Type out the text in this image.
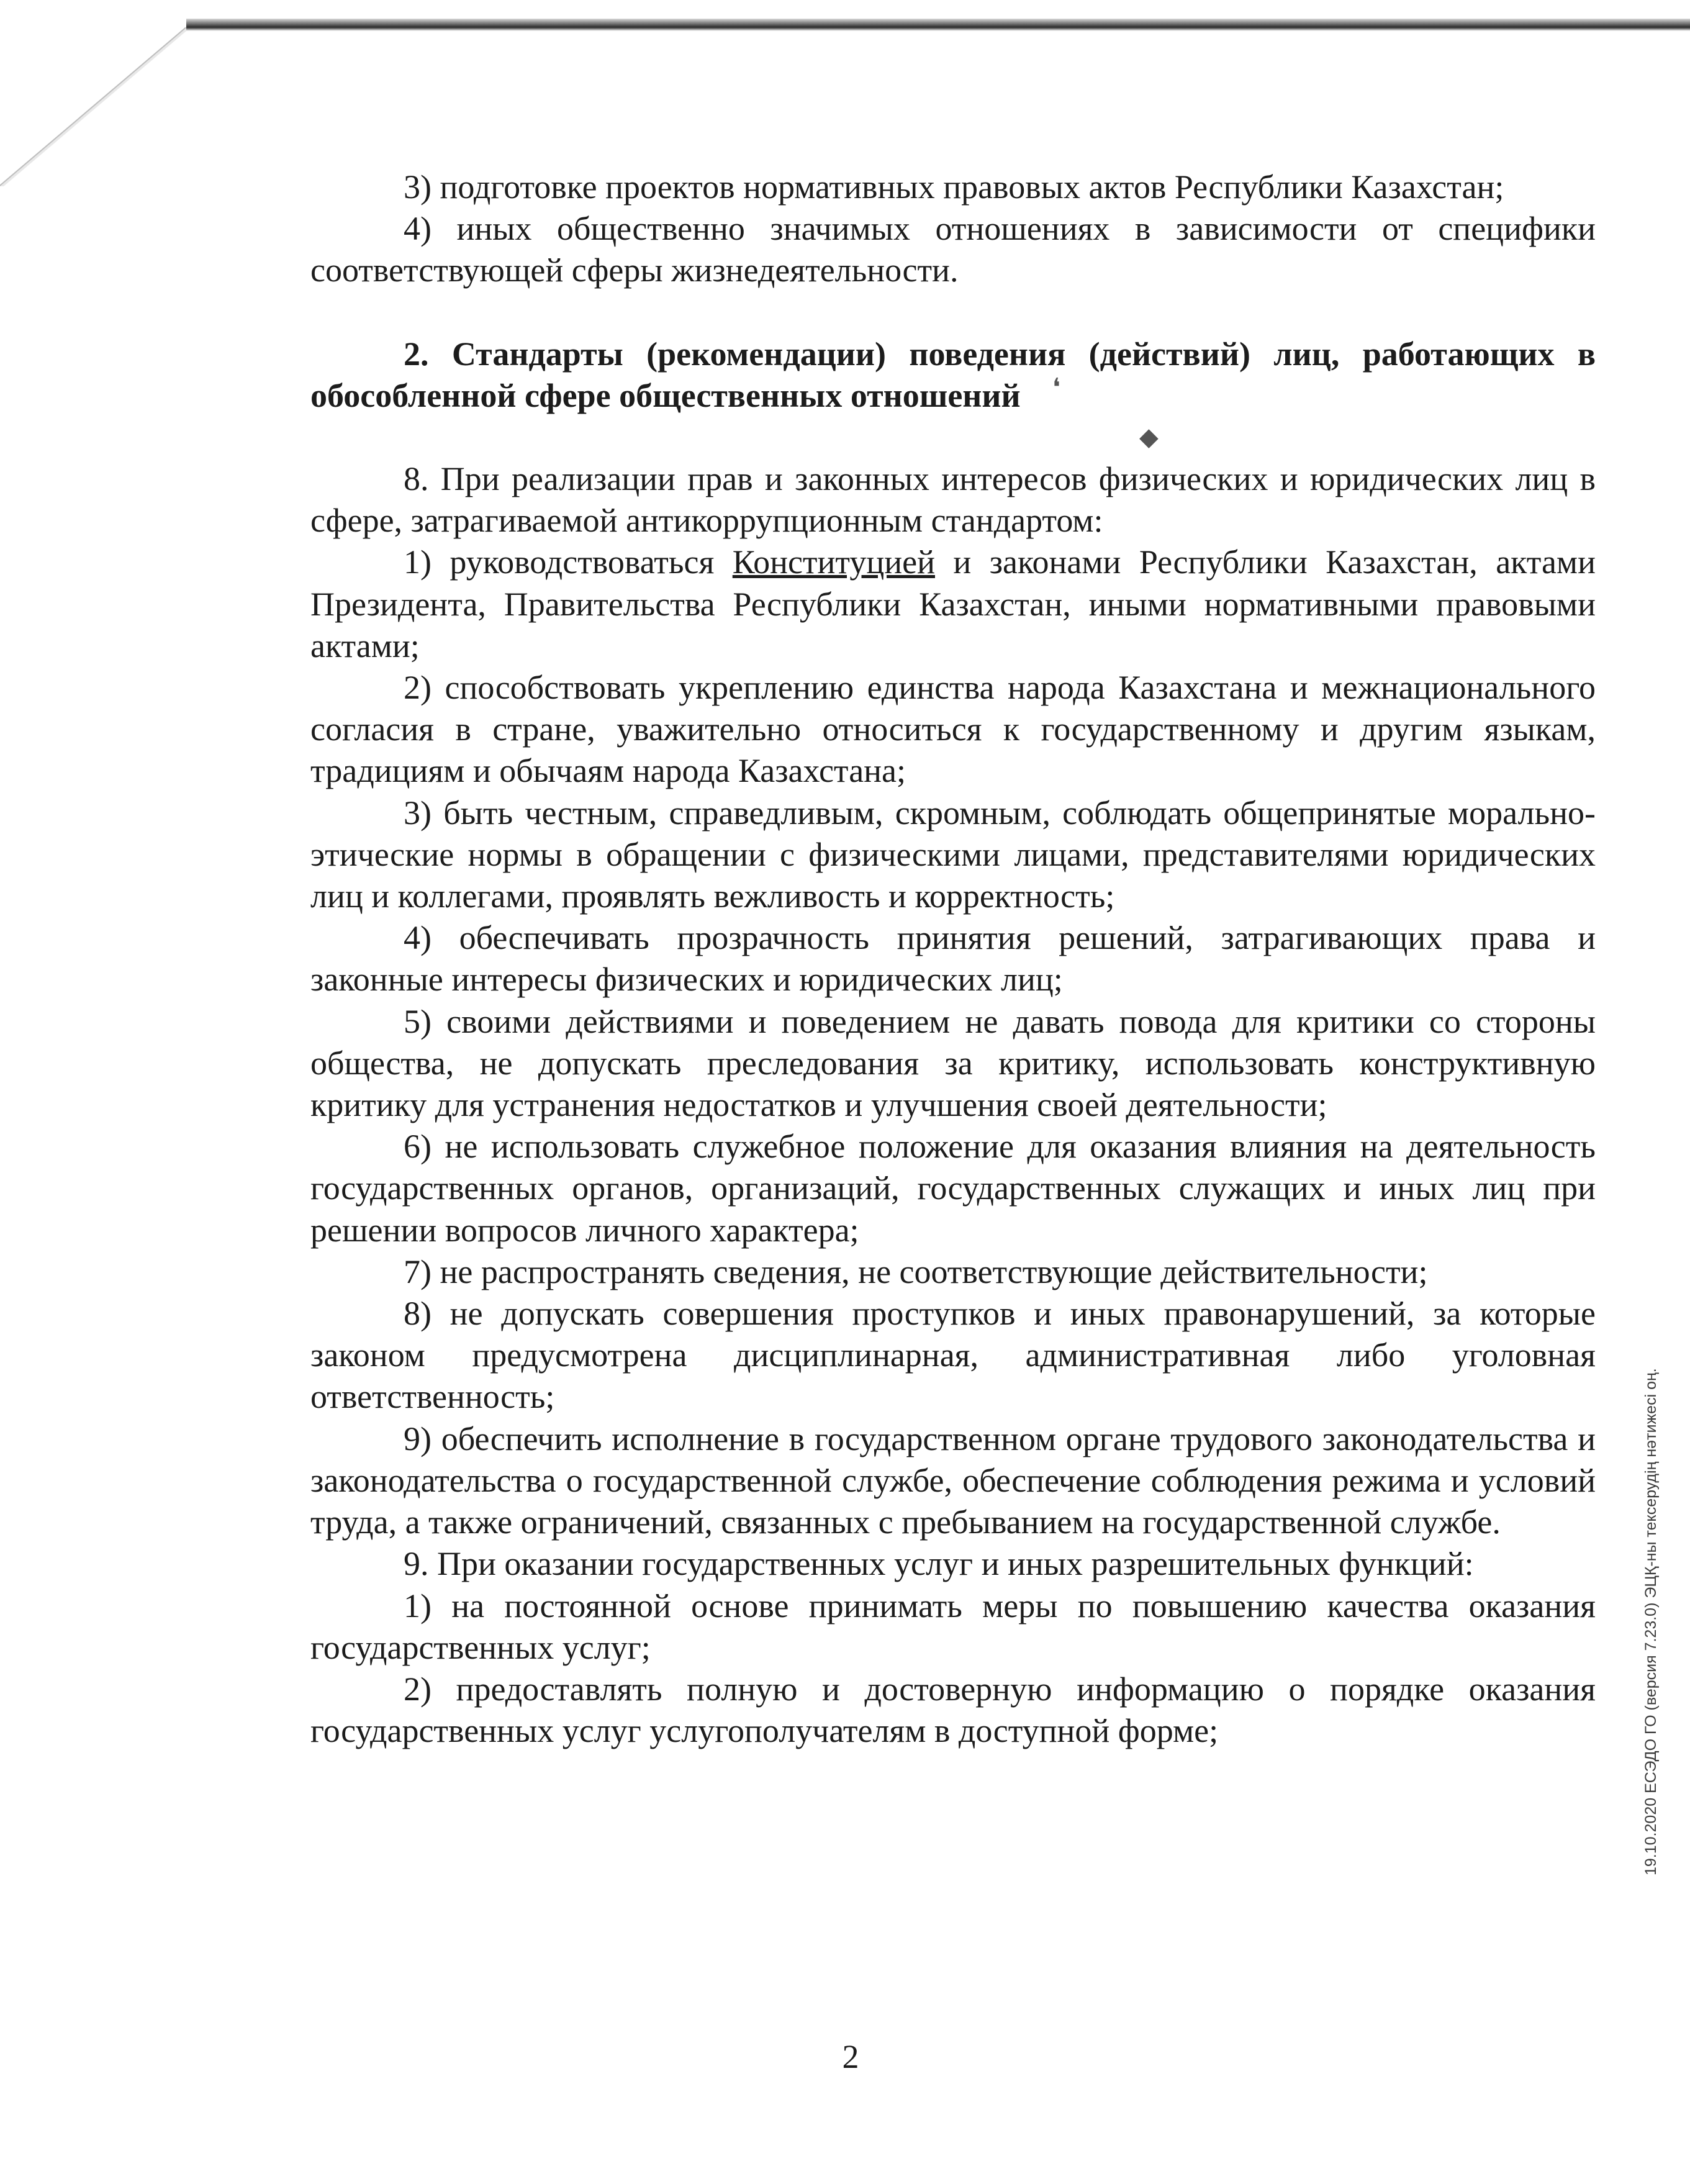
3) подготовке проектов нормативных правовых актов Республики Казахстан;

4) иных общественно значимых отношениях в зависимости от специфики соответствующей сферы жизнедеятельности.

2. Стандарты (рекомендации) поведения (действий) лиц, работающих в обособленной сфере общественных отношений

8. При реализации прав и законных интересов физических и юридических лиц в сфере, затрагиваемой антикоррупционным стандартом:

1) руководствоваться Конституцией и законами Республики Казахстан, актами Президента, Правительства Республики Казахстан, иными нормативными правовыми актами;

2) способствовать укреплению единства народа Казахстана и межнационального согласия в стране, уважительно относиться к государственному и другим языкам, традициям и обычаям народа Казахстана;

3) быть честным, справедливым, скромным, соблюдать общепринятые морально-этические нормы в обращении с физическими лицами, представителями юридических лиц и коллегами, проявлять вежливость и корректность;

4) обеспечивать прозрачность принятия решений, затрагивающих права и законные интересы физических и юридических лиц;

5) своими действиями и поведением не давать повода для критики со стороны общества, не допускать преследования за критику, использовать конструктивную критику для устранения недостатков и улучшения своей деятельности;

6) не использовать служебное положение для оказания влияния на деятельность государственных органов, организаций, государственных служащих и иных лиц при решении вопросов личного характера;

7) не распространять сведения, не соответствующие действительности;

8) не допускать совершения проступков и иных правонарушений, за которые законом предусмотрена дисциплинарная, административная либо уголовная ответственность;

9) обеспечить исполнение в государственном органе трудового законодательства и законодательства о государственной службе, обеспечение соблюдения режима и условий труда, а также ограничений, связанных с пребыванием на государственной службе.

9. При оказании государственных услуг и иных разрешительных функций:

1) на постоянной основе принимать меры по повышению качества оказания государственных услуг;

2) предоставлять полную и достоверную информацию о порядке оказания государственных услуг услугополучателям в доступной форме;

❛
◆
2
19.10.2020 ЕСЭДО ГО (версия 7.23.0) ЭЦҚ-ны тексерудің нәтижесі оң.
